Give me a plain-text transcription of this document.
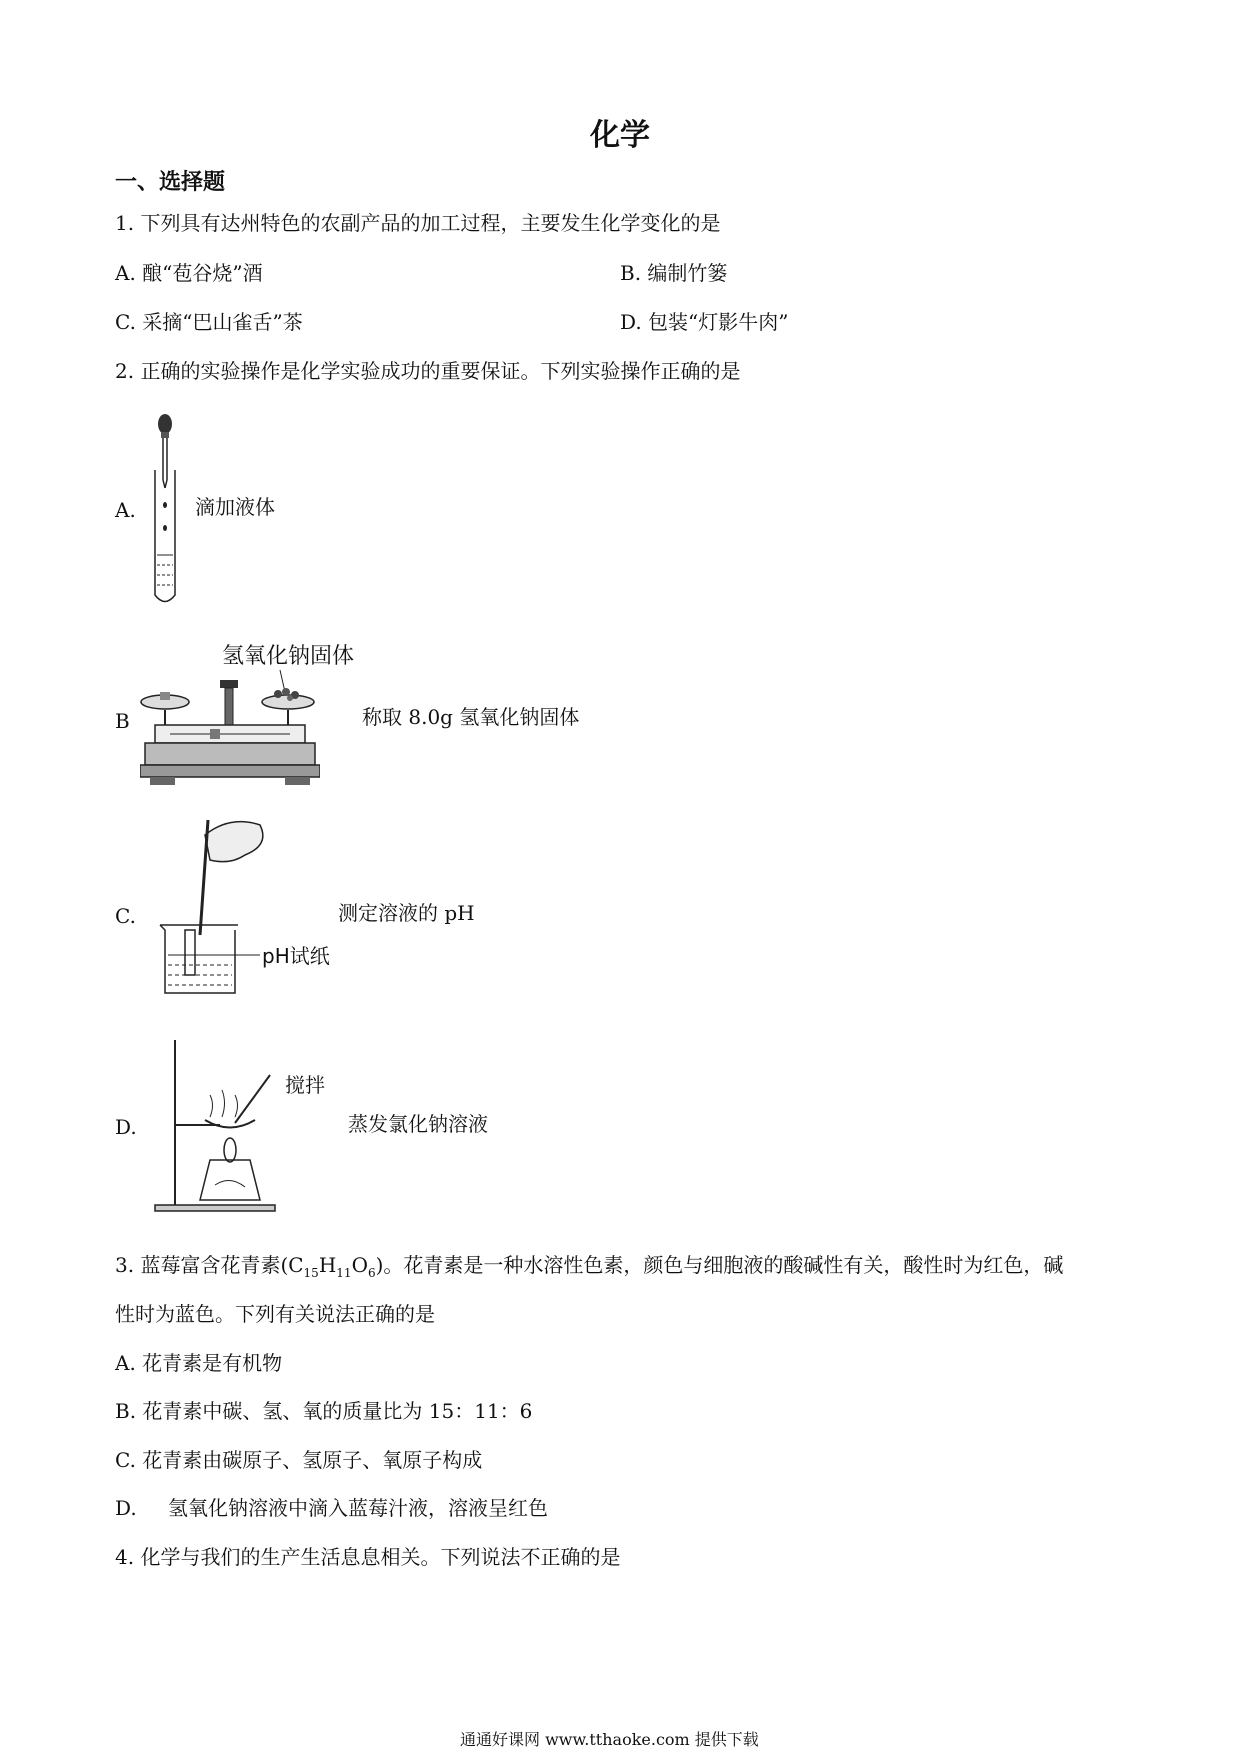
化学
一、选择题
1. 下列具有达州特色的农副产品的加工过程，主要发生化学变化的是
A. 酿“苞谷烧”酒	B. 编制竹篓
C. 采摘“巴山雀舌”茶	D. 包装“灯影牛肉”
2. 正确的实验操作是化学实验成功的重要保证。下列实验操作正确的是
A.	滴加液体
B
氢氧化钠固体
称取 8.0g 氢氧化钠固体
C.
pH试纸
测定溶液的 pH
D.
搅拌
蒸发氯化钠溶液
3. 蓝莓富含花青素$(C_{15}H_{11}O_6)$。花青素是一种水溶性色素，颜色与细胞液的酸碱性有关，酸性时为红色，碱
性时为蓝色。下列有关说法正确的是
A. 花青素是有机物
B. 花青素中碳、氢、氧的质量比为 15：11：6
C. 花青素由碳原子、氢原子、氧原子构成
D. 氢氧化钠溶液中滴入蓝莓汁液，溶液呈红色
4. 化学与我们的生产生活息息相关。下列说法不正确的是
通通好课网 www.tthaoke.com 提供下载
